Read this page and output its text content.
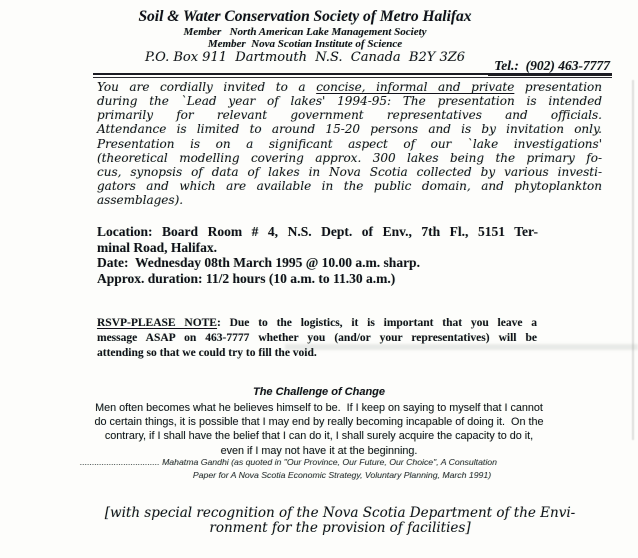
Soil & Water Conservation Society of Metro Halifax
Member   North American Lake Management Society
Member  Nova Scotian Institute of Science
P.O. Box 911  Dartmouth  N.S.  Canada  B2Y 3Z6
Tel.:  (902) 463-7777
You are cordially invited to a concise, informal and private presentation
during the `Lead year of lakes' 1994-95: The presentation is intended
primarily for relevant government representatives and officials.
Attendance is limited to around 15-20 persons and is by invitation only.
Presentation is on a significant aspect of our `lake investigations'
(theoretical modelling covering approx. 300 lakes being the primary fo-
cus, synopsis of data of lakes in Nova Scotia collected by various investi-
gators and which are available in the public domain, and phytoplankton
assemblages).
Location: Board Room # 4, N.S. Dept. of Env., 7th Fl., 5151 Ter-
minal Road, Halifax.
Date:  Wednesday 08th March 1995 @ 10.00 a.m. sharp.
Approx. duration: 11/2 hours (10 a.m. to 11.30 a.m.)
RSVP-PLEASE NOTE: Due to the logistics, it is important that you leave a
message ASAP on 463-7777 whether you (and/or your representatives) will be
attending so that we could try to fill the void.
The Challenge of Change
Men often becomes what he believes himself to be.  If I keep on saying to myself that I cannot
do certain things, it is possible that I may end by really becoming incapable of doing it.  On the
contrary, if I shall have the belief that I can do it, I shall surely acquire the capacity to do it,
even if I may not have it at the beginning.
................................. Mahatma Gandhi (as quoted in "Our Province, Our Future, Our Choice", A Consultation
Paper for A Nova Scotia Economic Strategy, Voluntary Planning, March 1991)
[with special recognition of the Nova Scotia Department of the Envi-
ronment for the provision of facilities]
